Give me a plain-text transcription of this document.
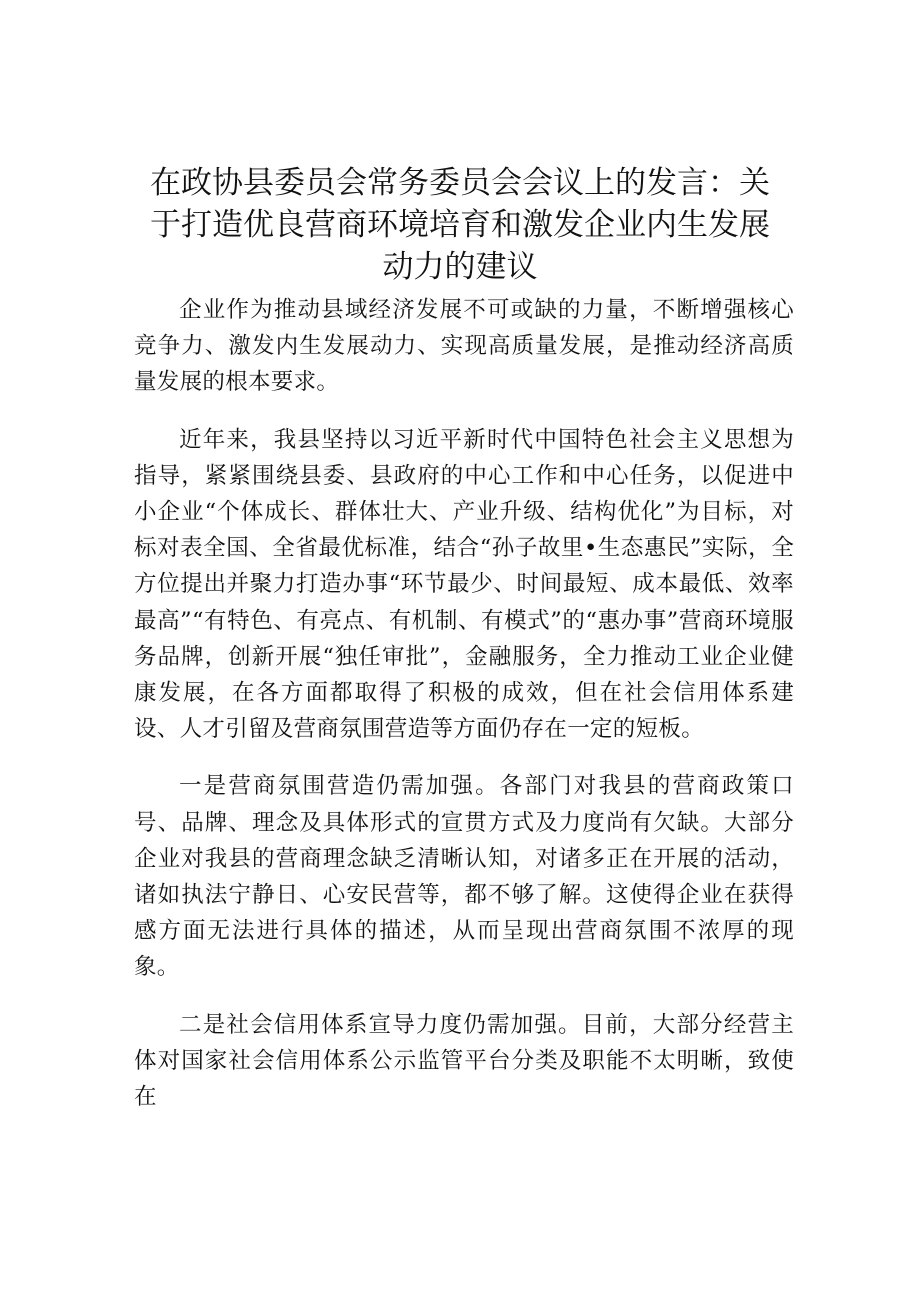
在政协县委员会常务委员会会议上的发言：关于打造优良营商环境培育和激发企业内生发展动力的建议

企业作为推动县域经济发展不可或缺的力量，不断增强核心竞争力、激发内生发展动力、实现高质量发展，是推动经济高质量发展的根本要求。

近年来，我县坚持以习近平新时代中国特色社会主义思想为指导，紧紧围绕县委、县政府的中心工作和中心任务，以促进中小企业“个体成长、群体壮大、产业升级、结构优化”为目标，对标对表全国、全省最优标准，结合“孙子故里•生态惠民”实际，全方位提出并聚力打造办事“环节最少、时间最短、成本最低、效率最高”“有特色、有亮点、有机制、有模式”的“惠办事”营商环境服务品牌，创新开展“独任审批”，金融服务，全力推动工业企业健康发展，在各方面都取得了积极的成效，但在社会信用体系建设、人才引留及营商氛围营造等方面仍存在一定的短板。

一是营商氛围营造仍需加强。各部门对我县的营商政策口号、品牌、理念及具体形式的宣贯方式及力度尚有欠缺。大部分企业对我县的营商理念缺乏清晰认知，对诸多正在开展的活动，诸如执法宁静日、心安民营等，都不够了解。这使得企业在获得感方面无法进行具体的描述，从而呈现出营商氛围不浓厚的现象。

二是社会信用体系宣导力度仍需加强。目前，大部分经营主体对国家社会信用体系公示监管平台分类及职能不太明晰，致使在
